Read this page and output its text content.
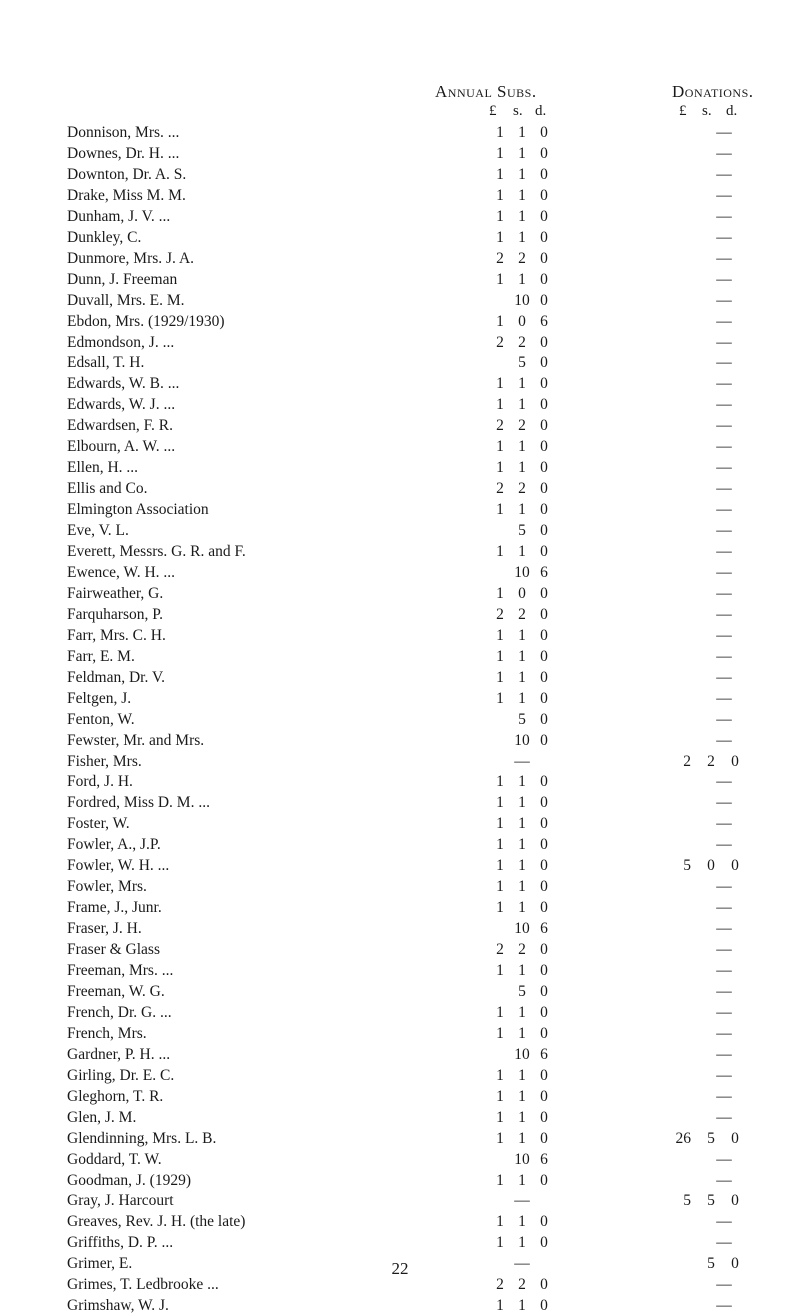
Annual Subs.	Donations.
£ s. d.	£ s. d.
Donnison, Mrs. ...	1 1 0	—
Downes, Dr. H. ...	1 1 0	—
Downton, Dr. A. S.	1 1 0	—
Drake, Miss M. M.	1 1 0	—
Dunham, J. V. ...	1 1 0	—
Dunkley, C.	1 1 0	—
Dunmore, Mrs. J. A.	2 2 0	—
Dunn, J. Freeman	1 1 0	—
Duvall, Mrs. E. M.	10 0	—
Ebdon, Mrs. (1929/1930)	1 0 6	—
Edmondson, J. ...	2 2 0	—
Edsall, T. H.	5 0	—
Edwards, W. B. ...	1 1 0	—
Edwards, W. J. ...	1 1 0	—
Edwardsen, F. R.	2 2 0	—
Elbourn, A. W. ...	1 1 0	—
Ellen, H. ...	1 1 0	—
Ellis and Co.	2 2 0	—
Elmington Association	1 1 0	—
Eve, V. L.	5 0	—
Everett, Messrs. G. R. and F.	1 1 0	—
Ewence, W. H. ...	10 6	—
Fairweather, G.	1 0 0	—
Farquharson, P.	2 2 0	—
Farr, Mrs. C. H.	1 1 0	—
Farr, E. M.	1 1 0	—
Feldman, Dr. V.	1 1 0	—
Feltgen, J.	1 1 0	—
Fenton, W.	5 0	—
Fewster, Mr. and Mrs.	10 0	—
Fisher, Mrs.	—	2	2	0
Ford, J. H.	1 1 0	—
Fordred, Miss D. M. ...	1 1 0	—
Foster, W.	1 1 0	—
Fowler, A., J.P.	1 1 0	—
Fowler, W. H. ...	1 1 0	5	0	0
Fowler, Mrs.	1 1 0	—
Frame, J., Junr.	1 1 0	—
Fraser, J. H.	10 6	—
Fraser & Glass	2 2 0	—
Freeman, Mrs. ...	1 1 0	—
Freeman, W. G.	5 0	—
French, Dr. G. ...	1 1 0	—
French, Mrs.	1 1 0	—
Gardner, P. H. ...	10 6	—
Girling, Dr. E. C.	1 1 0	—
Gleghorn, T. R.	1 1 0	—
Glen, J. M.	1 1 0	—
Glendinning, Mrs. L. B.	1 1 0	26	5	0
Goddard, T. W.	10 6	—
Goodman, J. (1929)	1 1 0	—
Gray, J. Harcourt	—	5	5	0
Greaves, Rev. J. H. (the late)	1 1 0	—
Griffiths, D. P. ...	1 1 0	—
Grimer, E.	—	5	0
Grimes, T. Ledbrooke ...	2 2 0	—
Grimshaw, W. J.	1 1 0	—
22
